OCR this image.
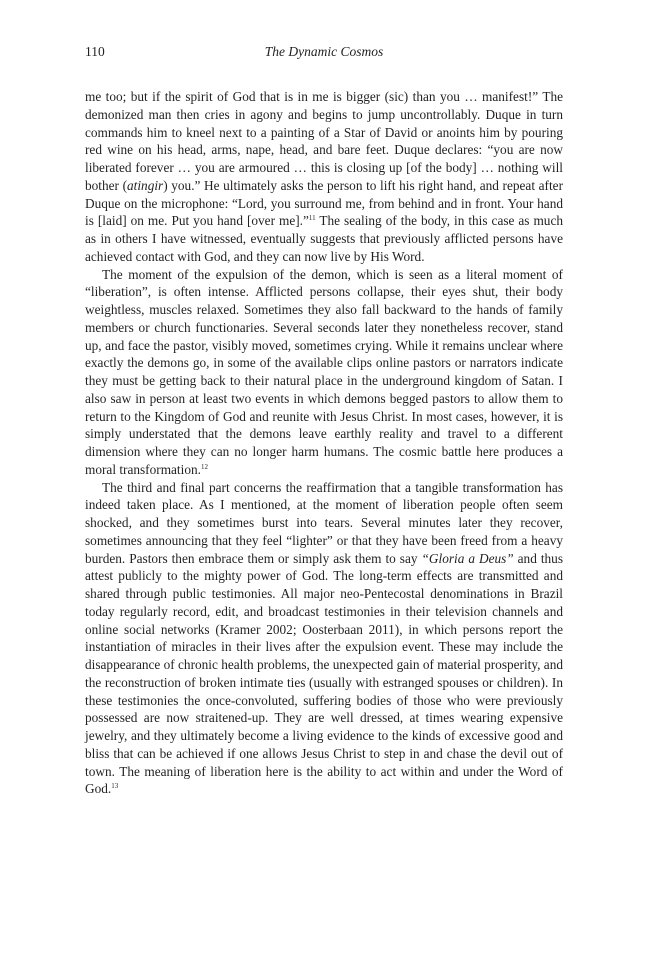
110	The Dynamic Cosmos

me too; but if the spirit of God that is in me is bigger (sic) than you … manifest!” The demonized man then cries in agony and begins to jump uncontrollably. Duque in turn commands him to kneel next to a painting of a Star of David or anoints him by pouring red wine on his head, arms, nape, head, and bare feet. Duque declares: “you are now liberated forever … you are armoured … this is closing up [of the body] … nothing will bother (atingir) you.” He ultimately asks the person to lift his right hand, and repeat after Duque on the microphone: “Lord, you surround me, from behind and in front. Your hand is [laid] on me. Put you hand [over me].”$^{11}$ The sealing of the body, in this case as much as in others I have witnessed, eventually suggests that previously afflicted persons have achieved contact with God, and they can now live by His Word.

The moment of the expulsion of the demon, which is seen as a literal moment of “liberation”, is often intense. Afflicted persons collapse, their eyes shut, their body weightless, muscles relaxed. Sometimes they also fall backward to the hands of family members or church functionaries. Several seconds later they nonetheless recover, stand up, and face the pastor, visibly moved, sometimes crying. While it remains unclear where exactly the demons go, in some of the available clips online pastors or narrators indicate they must be getting back to their natural place in the underground kingdom of Satan. I also saw in person at least two events in which demons begged pastors to allow them to return to the Kingdom of God and reunite with Jesus Christ. In most cases, however, it is simply understated that the demons leave earthly reality and travel to a different dimension where they can no longer harm humans. The cosmic battle here produces a moral transformation.$^{12}$

The third and final part concerns the reaffirmation that a tangible transformation has indeed taken place. As I mentioned, at the moment of liberation people often seem shocked, and they sometimes burst into tears. Several minutes later they recover, sometimes announcing that they feel “lighter” or that they have been freed from a heavy burden. Pastors then embrace them or simply ask them to say “Gloria a Deus” and thus attest publicly to the mighty power of God. The long-term effects are transmitted and shared through public testimonies. All major neo-Pentecostal denominations in Brazil today regularly record, edit, and broadcast testimonies in their television channels and online social networks (Kramer 2002; Oosterbaan 2011), in which persons report the instantiation of miracles in their lives after the expulsion event. These may include the disappearance of chronic health problems, the unexpected gain of material prosperity, and the reconstruction of broken intimate ties (usually with estranged spouses or children). In these testimonies the once-convoluted, suffering bodies of those who were previously possessed are now straitened-up. They are well dressed, at times wearing expensive jewelry, and they ultimately become a living evidence to the kinds of excessive good and bliss that can be achieved if one allows Jesus Christ to step in and chase the devil out of town. The meaning of liberation here is the ability to act within and under the Word of God.$^{13}$
